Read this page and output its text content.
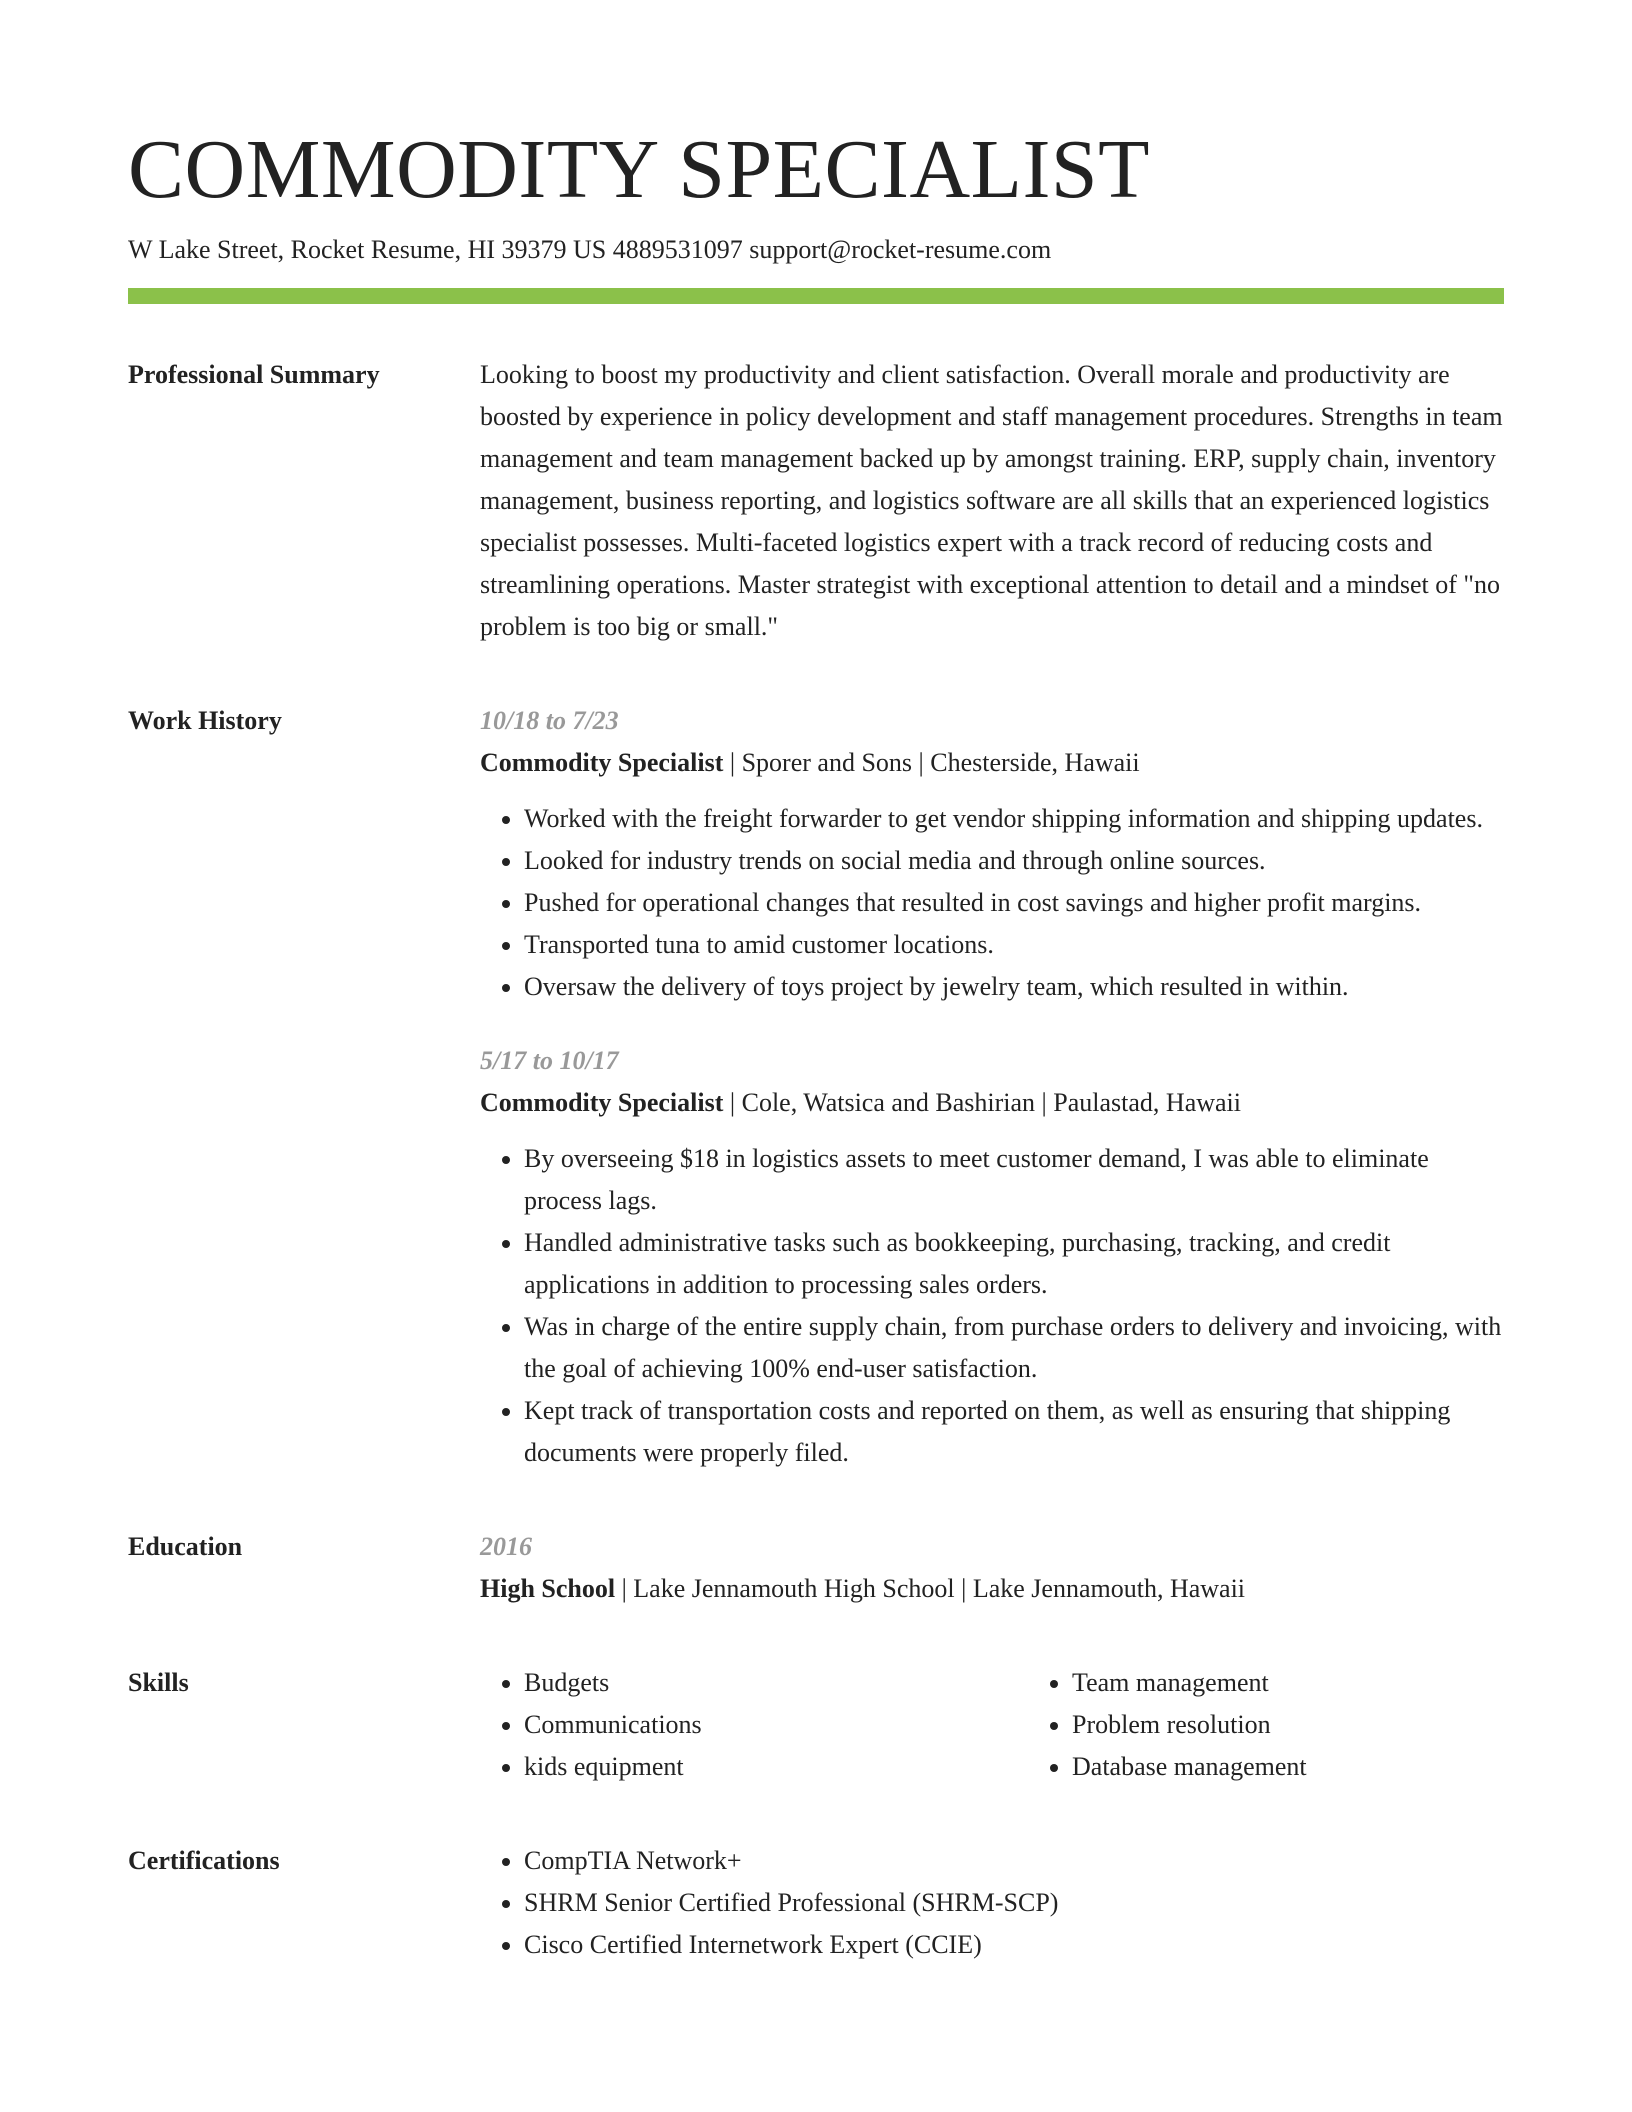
COMMODITY SPECIALIST
W Lake Street, Rocket Resume, HI 39379 US 4889531097 support@rocket-resume.com
Professional Summary	Looking to boost my productivity and client satisfaction. Overall morale and productivity are boosted by experience in policy development and staff management procedures. Strengths in team management and team management backed up by amongst training. ERP, supply chain, inventory management, business reporting, and logistics software are all skills that an experienced logistics specialist possesses. Multi-faceted logistics expert with a track record of reducing costs and streamlining operations. Master strategist with exceptional attention to detail and a mindset of "no problem is too big or small."

Work History	10/18 to 7/23
Commodity Specialist | Sporer and Sons | Chesterside, Hawaii
• Worked with the freight forwarder to get vendor shipping information and shipping updates.
• Looked for industry trends on social media and through online sources.
• Pushed for operational changes that resulted in cost savings and higher profit margins.
• Transported tuna to amid customer locations.
• Oversaw the delivery of toys project by jewelry team, which resulted in within.
5/17 to 10/17
Commodity Specialist | Cole, Watsica and Bashirian | Paulastad, Hawaii
• By overseeing $18 in logistics assets to meet customer demand, I was able to eliminate process lags.
• Handled administrative tasks such as bookkeeping, purchasing, tracking, and credit applications in addition to processing sales orders.
• Was in charge of the entire supply chain, from purchase orders to delivery and invoicing, with the goal of achieving 100% end-user satisfaction.
• Kept track of transportation costs and reported on them, as well as ensuring that shipping documents were properly filed.
Education	2016
High School | Lake Jennamouth High School | Lake Jennamouth, Hawaii
Skills	• Budgets
• Communications
• kids equipment
• Team management
• Problem resolution
• Database management
Certifications	• CompTIA Network+
• SHRM Senior Certified Professional (SHRM-SCP)
• Cisco Certified Internetwork Expert (CCIE)
